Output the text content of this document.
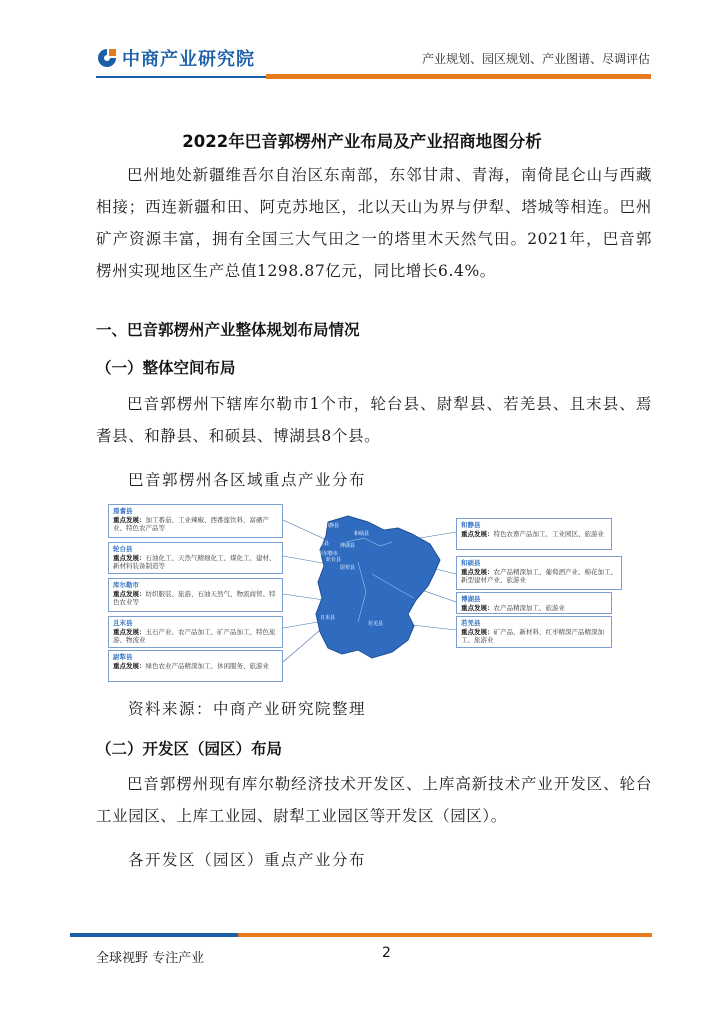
中商产业研究院	产业规划、园区规划、产业图谱、尽调评估
2022年巴音郭楞州产业布局及产业招商地图分析
巴州地处新疆维吾尔自治区东南部，东邻甘肃、青海，南倚昆仑山与西藏相接；西连新疆和田、阿克苏地区，北以天山为界与伊犁、塔城等相连。巴州矿产资源丰富，拥有全国三大气田之一的塔里木天然气田。2021年，巴音郭楞州实现地区生产总值1298.87亿元，同比增长6.4%。
一、巴音郭楞州产业整体规划布局情况
（一）整体空间布局
巴音郭楞州下辖库尔勒市1个市，轮台县、尉犁县、若羌县、且末县、焉耆县、和静县、和硕县、博湖县8个县。
巴音郭楞州各区域重点产业分布
和静县
和硕县
焉耆县 博湖县
库尔勒市
尉犁县
轮台县
且末县
若羌县
焉耆县
重点发展：加工番茄、工业辣椒、西番莲饮料、富硒产业、特色农产品等
轮台县
重点发展：石油化工、天然气精细化工、煤化工、建材、新材料装备制造等
库尔勒市
重点发展：纺织服装、旅游、石油天然气、物流商贸、特色农业等
且末县
重点发展：玉石产业、农产品加工、矿产品加工、特色旅游、物流业
尉犁县
重点发展：绿色农业产品精深加工、休闲服务、旅游业
和静县
重点发展：特色农畜产品加工、工业园区、旅游业
和硕县
重点发展：农产品精深加工、葡萄酒产业、棉花加工、新型建材产业、旅游业
博湖县
重点发展：农产品精深加工、旅游业
若羌县
重点发展：矿产品、新材料、红枣精深产品精深加工、旅游业
资料来源：中商产业研究院整理
（二）开发区（园区）布局
巴音郭楞州现有库尔勒经济技术开发区、上库高新技术产业开发区、轮台工业园区、上库工业园、尉犁工业园区等开发区（园区）。
各开发区（园区）重点产业分布
全球视野 专注产业	2
